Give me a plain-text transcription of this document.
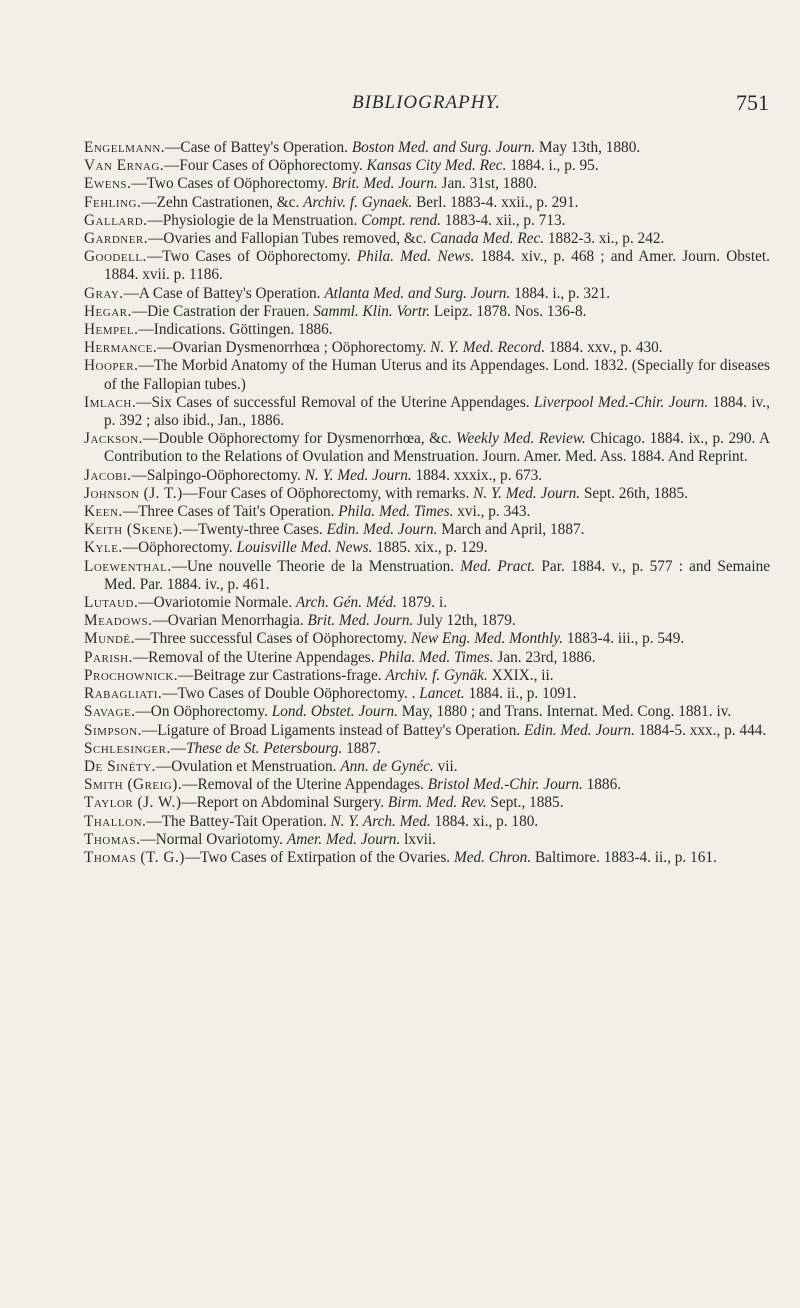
BIBLIOGRAPHY.	751

Engelmann.—Case of Battey's Operation. Boston Med. and Surg. Journ. May 13th, 1880.

Van Ernag.—Four Cases of Oöphorectomy. Kansas City Med. Rec. 1884. i., p. 95.

Ewens.—Two Cases of Oöphorectomy. Brit. Med. Journ. Jan. 31st, 1880.

Fehling.—Zehn Castrationen, &c. Archiv. f. Gynaek. Berl. 1883-4. xxii., p. 291.

Gallard.—Physiologie de la Menstruation. Compt. rend. 1883-4. xii., p. 713.

Gardner.—Ovaries and Fallopian Tubes removed, &c. Canada Med. Rec. 1882-3. xi., p. 242.

Goodell.—Two Cases of Oöphorectomy. Phila. Med. News. 1884. xiv., p. 468 ; and Amer. Journ. Obstet. 1884. xvii. p. 1186.

Gray.—A Case of Battey's Operation. Atlanta Med. and Surg. Journ. 1884. i., p. 321.

Hegar.—Die Castration der Frauen. Samml. Klin. Vortr. Leipz. 1878. Nos. 136-8.

Hempel.—Indications. Göttingen. 1886.

Hermance.—Ovarian Dysmenorrhœa ; Oöphorectomy. N. Y. Med. Record. 1884. xxv., p. 430.

Hooper.—The Morbid Anatomy of the Human Uterus and its Appendages. Lond. 1832. (Specially for diseases of the Fallopian tubes.)

Imlach.—Six Cases of successful Removal of the Uterine Appendages. Liverpool Med.-Chir. Journ. 1884. iv., p. 392 ; also ibid., Jan., 1886.

Jackson.—Double Oöphorectomy for Dysmenorrhœa, &c. Weekly Med. Review. Chicago. 1884. ix., p. 290. A Contribution to the Relations of Ovulation and Menstruation. Journ. Amer. Med. Ass. 1884. And Reprint.

Jacobi.—Salpingo-Oöphorectomy. N. Y. Med. Journ. 1884. xxxix., p. 673.

Johnson (J. T.)—Four Cases of Oöphorectomy, with remarks. N. Y. Med. Journ. Sept. 26th, 1885.

Keen.—Three Cases of Tait's Operation. Phila. Med. Times. xvi., p. 343.

Keith (Skene).—Twenty-three Cases. Edin. Med. Journ. March and April, 1887.

Kyle.—Oöphorectomy. Louisville Med. News. 1885. xix., p. 129.

Loewenthal.—Une nouvelle Theorie de la Menstruation. Med. Pract. Par. 1884. v., p. 577 : and Semaine Med. Par. 1884. iv., p. 461.

Lutaud.—Ovariotomie Normale. Arch. Gén. Méd. 1879. i.

Meadows.—Ovarian Menorrhagia. Brit. Med. Journ. July 12th, 1879.

Mundé.—Three successful Cases of Oöphorectomy. New Eng. Med. Monthly. 1883-4. iii., p. 549.

Parish.—Removal of the Uterine Appendages. Phila. Med. Times. Jan. 23rd, 1886.

Prochownick.—Beitrage zur Castrations-frage. Archiv. f. Gynäk. XXIX., ii.

Rabagliati.—Two Cases of Double Oöphorectomy. . Lancet. 1884. ii., p. 1091.

Savage.—On Oöphorectomy. Lond. Obstet. Journ. May, 1880 ; and Trans. Internat. Med. Cong. 1881. iv.

Simpson.—Ligature of Broad Ligaments instead of Battey's Operation. Edin. Med. Journ. 1884-5. xxx., p. 444.

Schlesinger.—These de St. Petersbourg. 1887.

De Sinéty.—Ovulation et Menstruation. Ann. de Gynéc. vii.

Smith (Greig).—Removal of the Uterine Appendages. Bristol Med.-Chir. Journ. 1886.

Taylor (J. W.)—Report on Abdominal Surgery. Birm. Med. Rev. Sept., 1885.

Thallon.—The Battey-Tait Operation. N. Y. Arch. Med. 1884. xi., p. 180.

Thomas.—Normal Ovariotomy. Amer. Med. Journ. lxvii.

Thomas (T. G.)—Two Cases of Extirpation of the Ovaries. Med. Chron. Baltimore. 1883-4. ii., p. 161.
